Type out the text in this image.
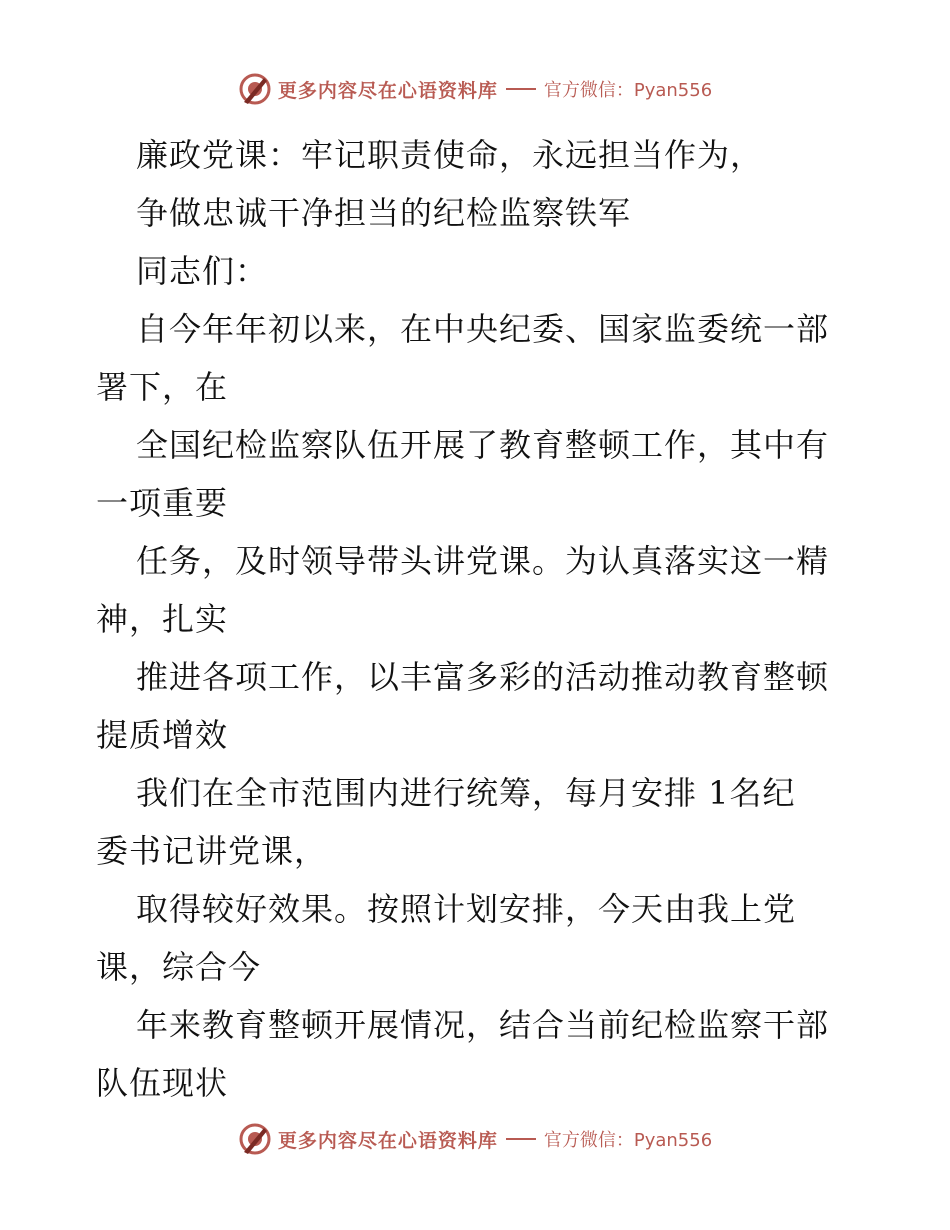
更多内容尽在心语资料库	官方微信：Pyan556
廉政党课：牢记职责使命，永远担当作为，
争做忠诚干净担当的纪检监察铁军
同志们：
自今年年初以来，在中央纪委、国家监委统一部
署下，在
全国纪检监察队伍开展了教育整顿工作，其中有
一项重要
任务，及时领导带头讲党课。为认真落实这一精
神，扎实
推进各项工作，以丰富多彩的活动推动教育整顿
提质增效
我们在全市范围内进行统筹，每月安排 1名纪
委书记讲党课，
取得较好效果。按照计划安排，今天由我上党
课，综合今
年来教育整顿开展情况，结合当前纪检监察干部
队伍现状
更多内容尽在心语资料库	官方微信：Pyan556
